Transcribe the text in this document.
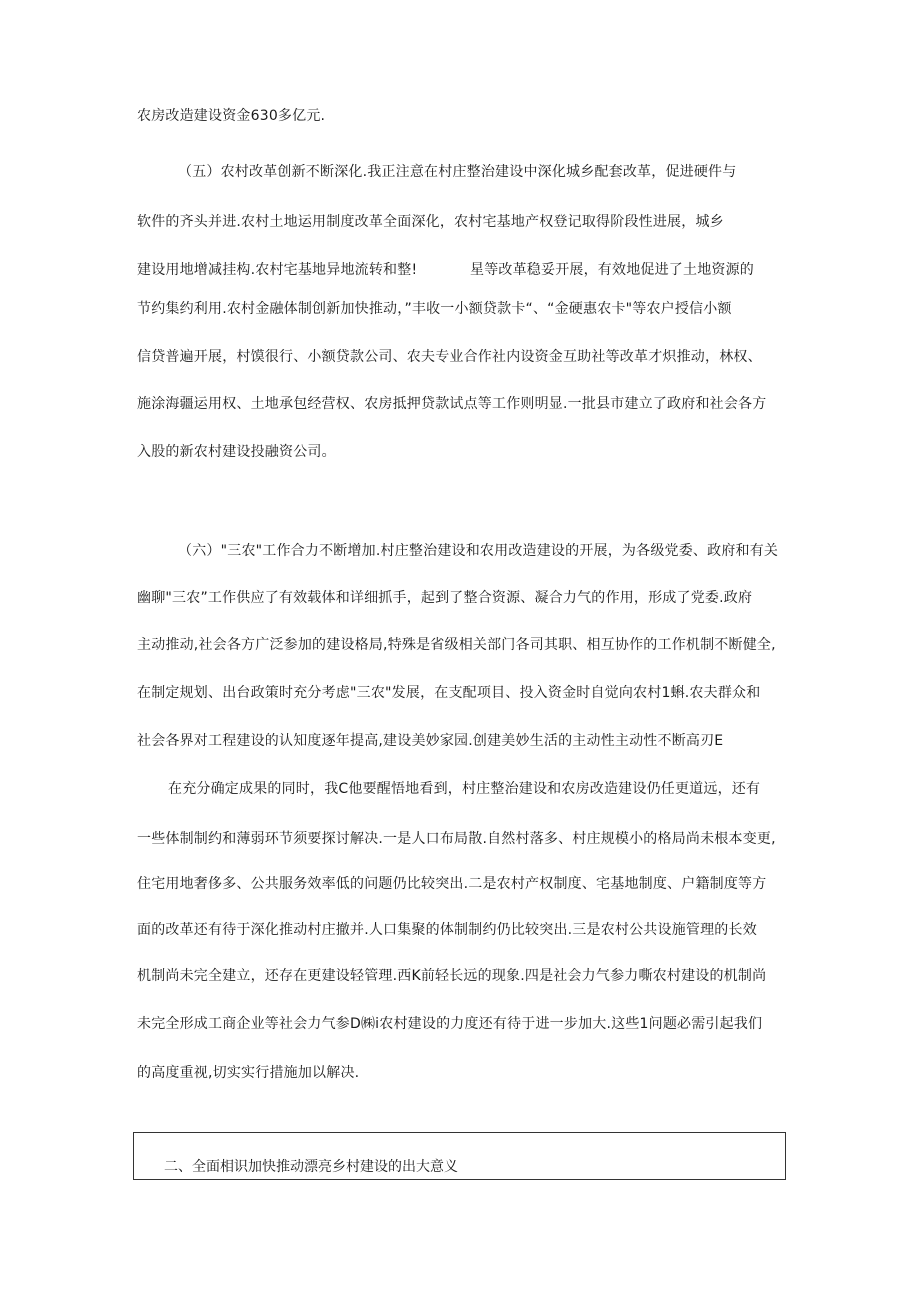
农房改造建设资金630多亿元.
（五）农村改革创新不断深化.我正注意在村庄整治建设中深化城乡配套改革，促进硬件与
软件的齐头并进.农村土地运用制度改革全面深化，农村宅基地产权登记取得阶段性进展，城乡
建设用地增减挂构.农村宅基地异地流转和整!	星等改革稳妥开展，有效地促进了土地资源的
节约集约利用.农村金融体制创新加快推动，”丰收一小额贷款卡“、“金硬惠农卡"等农户授信小额
信贷普遍开展，村馍很行、小额贷款公司、农夫专业合作社内设资金互助社等改革才炽推动，林权、
施涂海疆运用权、土地承包经营权、农房抵押贷款试点等工作则明显.一批县市建立了政府和社会各方
入股的新农村建设投融资公司。
（六）"三农"工作合力不断增加.村庄整治建设和农用改造建设的开展，为各级党委、政府和有关
幽聊"三农”工作供应了有效载体和详细抓手，起到了整合资源、凝合力气的作用，形成了党委.政府
主动推动,社会各方广泛参加的建设格局,特殊是省级相关部门各司其职、相互协作的工作机制不断健全,
在制定规划、出台政策时充分考虑"三农"发展，在支配项目、投入资金时自觉向农村1蝌.农夫群众和
社会各界对工程建设的认知度逐年提高,建设美妙家园.创建美妙生活的主动性主动性不断高刃E
在充分确定成果的同时，我C他要醒悟地看到，村庄整治建设和农房改造建设仍任更道远，还有
一些体制制约和薄弱环节须要探讨解决.一是人口布局散.自然村落多、村庄规模小的格局尚未根本变更,
住宅用地奢侈多、公共服务效率低的问题仍比较突出.二是农村产权制度、宅基地制度、户籍制度等方
面的改革还有待于深化推动村庄撤并.人口集聚的体制制约仍比较突出.三是农村公共设施管理的长效
机制尚未完全建立，还存在更建设轻管理.西K前轻长远的现象.四是社会力气参力嘶农村建设的机制尚
未完全形成工商企业等社会力气参D㈱i农村建设的力度还有待于进一步加大.这些1问题必需引起我们
的高度重视,切实实行措施加以解决.
二、全面相识加快推动漂亮乡村建设的出大意义
